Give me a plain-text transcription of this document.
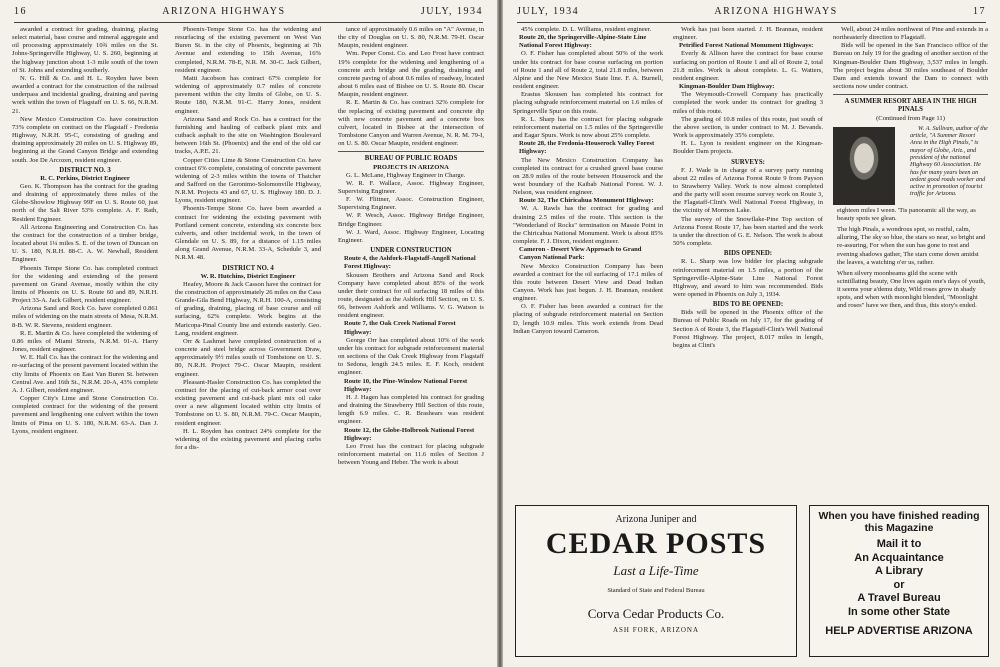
16	ARIZONA HIGHWAYS	JULY, 1934

awarded a contract for grading, draining, placing select material, base course and mineral aggregate and oil processing approximately 10¾ miles on the St. Johns-Springerville Highway, U. S. 260, beginning at the highway junction about 1-3 mile south of the town of St. Johns and extending southerly.

N. G. Hill & Co. and H. L. Royden have been awarded a contract for the construction of the railroad underpass and incidental grading, draining and paving work within the town of Flagstaff on U. S. 66, N.R.M. 21.

New Mexico Construction Co. have construction 73% complete on contract on the Flagstaff - Fredonia Highway, N.R.H. 95-C, consisting of grading and draining approximately 20 miles on U. S. Highway 89, beginning at the Grand Canyon Bridge and extending south. Joe De Arcozen, resident engineer.

DISTRICT NO. 3

R. C. Perkins, District Engineer

Geo. K. Thompson has the contract for the grading and draining of approximately three miles of the Globe-Showlow Highway 99F on U. S. Route 60, just north of the Salt River 53% complete. A. F. Rath, Resident Engineer.

All Arizona Engineering and Construction Co. has the contract for the construction of a timber bridge, located about 1¼ miles S. E. of the town of Duncan on U. S. 180, N.R.H. 88-C. A. W. Newhall, Resident Engineer.

Phoenix Tempe Stone Co. has completed contract for the widening and extending of the present pavement on Grand Avenue, mostly within the city limits of Phoenix on U. S. Route 60 and 89, N.R.H. Project 33-A. Jack Gilbert, resident engineer.

Arizona Sand and Rock Co. have completed 0.861 miles of widening on the main streets of Mesa, N.R.M. 8-B. W. R. Stevens, resident engineer.

R. E. Martin & Co. have completed the widening of 0.86 miles of Miami Streets, N.R.M. 91-A. Harry Jones, resident engineer.

W. E. Hall Co. has the contract for the widening and re-surfacing of the present pavement located within the city limits of Phoenix on East Van Buren St. between Central Ave. and 16th St., N.R.M. 20-A, 43% complete A. J. Gilbert, resident engineer.

Copper City's Lime and Stone Construction Co. completed contract for the widening of the present pavement and lengthening one culvert within the town limits of Pima on U. S. 180, N.R.M. 63-A. Dan J. Lyons, resident engineer.

Phoenix-Tempe Stone Co. has the widening and resurfacing of the existing pavement on West Van Buren St. in the city of Phoenix, beginning at 7th Avenue and extending to 15th Avenue, 16% completed, N.R.M. 78-E, N.R. M. 30-C. Jack Gilbert, resident engineer.

Matti Jacobson has contract 67% complete for widening of approximately 0.7 miles of concrete pavement within the city limits of Globe, on U. S. Route 180, N.R.M. 91-C. Harry Jones, resident engineer.

Arizona Sand and Rock Co. has a contract for the furnishing and hauling of cutback plant mix and cutback asphalt to the site on Washington Boulevard between 16th St. (Phoenix) and the end of the old car tracks, A.P.E. 21.

Copper Cities Lime & Stone Construction Co. have contract 6% complete, consisting of concrete pavement widening of 2-3 miles within the towns of Thatcher and Safford on the Geronimo-Solomonville Highway, N.R.M. Projects 43 and 67, U. S. Highway 180. D. J. Lyons, resident engineer.

Phoenix-Tempe Stone Co. have been awarded a contract for widening the existing pavement with Portland cement concrete, extending six concrete box culverts, and other incidental work, in the town of Glendale on U. S. 89, for a distance of 1.15 miles along Grand Avenue, N.R.M. 33-A, Schedule 3, and N.R.M. 48.

DISTRICT NO. 4

W. R. Hutchins, District Engineer

Heafey, Moore & Jack Casson have the contract for the construction of approximately 26 miles on the Casa Grande-Gila Bend Highway, N.R.H. 100-A, consisting of grading, draining, placing of base course and oil surfacing, 62% complete. Work begins at the Maricopa-Pinal County line and extends easterly. Geo. Lang, resident engineer.

Orr & Lashmet have completed construction of a concrete and steel bridge across Government Draw, approximately 9½ miles south of Tombstone on U. S. 80, N.R.H. Project 79-C. Oscar Maupin, resident engineer.

Pleasant-Hasler Construction Co. has completed the contract for the placing of cut-back armor coat over existing pavement and cut-back plant mix oil cake over a new alignment located within city limits of Tombstone on U. S. 80, N.R.M. 79-C. Oscar Maupin, resident engineer.

H. L. Royden has contract 24% complete for the widening of the existing pavement and placing curbs for a dis-

tance of approximately 0.6 miles on "A" Avenue, in the city of Douglas on U. S. 80, N.R.M. 79-H. Oscar Maupin, resident engineer.

Wm. Peper Const. Co. and Leo Frost have contract 19% complete for the widening and lengthening of a concrete arch bridge and the grading, draining and concrete paving of about 0.6 miles of roadway, located about 6 miles east of Bisbee on U. S. Route 80. Oscar Maupin, resident engineer.

R. E. Martin & Co. has contract 32% complete for the replacing of existing pavement and concrete dip with new concrete pavement and a concrete box culvert, located in Bisbee at the intersection of Tombstone Canyon and Warren Avenue, N. R. M. 79-I, on U. S. 80. Oscar Maupin, resident engineer.

BUREAU OF PUBLIC ROADS

PROJECTS IN ARIZONA

G. L. McLane, Highway Engineer in Charge.

W. R. F. Wallace, Assoc. Highway Engineer, Supervising Engineer.

F. W. Flittner, Assoc. Construction Engineer, Supervising Engineer.

W. P. Wesch, Assoc. Highway Bridge Engineer, Bridge Engineer.

W. J. Ward, Assoc. Highway Engineer, Locating Engineer.

UNDER CONSTRUCTION

Route 4, the Ashfork-Flagstaff-Angell National Forest Highway:

Skousen Brothers and Arizona Sand and Rock Company have completed about 85% of the work under their contract for oil surfacing 18 miles of this route, designated as the Ashfork Hill Section, on U. S. 66, between Ashfork and Williams. V. G. Watson is resident engineer.

Route 7, the Oak Creek National Forest Highway:

George Orr has completed about 10% of the work under his contract for subgrade reinforcement material on sections of the Oak Creek Highway from Flagstaff to Sedona, length 24.5 miles. E. F. Koch, resident engineer.

Route 10, the Pine-Winslow National Forest Highway:

H. J. Hagen has completed his contract for grading and draining the Strawberry Hill Section of this route, length 6.9 miles. C. R. Brashears was resident engineer.

Route 12, the Globe-Holbrook National Forest Highway:

Leo Frost has the contract for placing subgrade reinforcement material on 11.6 miles of Section J between Young and Heber. The work is about

JULY, 1934	ARIZONA HIGHWAYS	17

45% complete. D. L. Williams, resident engineer.

Route 20, the Springerville-Alpine-State Line National Forest Highway:

O. F. Fisher has completed about 50% of the work under his contract for base course surfacing on portion of Route 1 and all of Route 2, total 21.8 miles, between Alpine and the New Mexico State line. F. A. Burnell, resident engineer.

Erastus Skousen has completed his contract for placing subgrade reinforcement material on 1.6 miles of Springerville Spur on this route.

R. L. Sharp has the contract for placing subgrade reinforcement material on 1.5 miles of the Springerville and Eagar Spurs. Work is now about 25% complete.

Route 28, the Fredonia-Houserock Valley Forest Highway:

The New Mexico Construction Company has completed its contract for a crushed gravel base course on 28.9 miles of the route between Houserock and the west boundary of the Kaibab National Forest. W. J. Nelson, was resident engineer.

Route 32, The Chiricahua Monument Highway:

W. A. Rawls has the contract for grading and draining 2.5 miles of the route. This section is the "Wonderland of Rocks" termination on Massie Point in the Chiricahua National Monument. Work is about 85% complete. F. J. Dixon, resident engineer.

Cameron - Desert View Approach to Grand Canyon National Park:

New Mexico Construction Company has been awarded a contract for the oil surfacing of 17.1 miles of this route between Desert View and Dead Indian Canyon. Work has just begun. J. H. Brannan, resident engineer.

O. F. Fisher has been awarded a contract for the placing of subgrade reinforcement material on Section D, length 10.9 miles. This work extends from Dead Indian Canyon toward Cameron.

Work has just been started. J. H. Brannan, resident engineer.

Petrified Forest National Monument Highways:

Everly & Allison have the contract for base course surfacing on portion of Route 1 and all of Route 2, total 21.8 miles. Work is about complete. L. G. Watters, resident engineer.

Kingman-Boulder Dam Highway:

The Weymouth-Crowell Company has practically completed the work under its contract for grading 3 miles of this route.

The grading of 10.8 miles of this route, just south of the above section, is under contract to M. J. Bevands. Work is approximately 35% complete.

H. L. Lyon is resident engineer on the Kingman-Boulder Dam projects.

SURVEYS:

F. J. Wade is in charge of a survey party running about 22 miles of Arizona Forest Route 9 from Payson to Strawberry Valley. Work is now almost completed and the party will soon resume survey work on Route 3, the Flagstaff-Clint's Well National Forest Highway, in the vicinity of Mormon Lake.

The survey of the Snowflake-Pine Top section of Arizona Forest Route 17, has been started and the work is under the direction of G. E. Nelson. The work is about 50% complete.

BIDS OPENED:

R. L. Sharp was low bidder for placing subgrade reinforcement material on 1.5 miles, a portion of the Springerville-Alpine-State Line National Forest Highway, and award to him was recommended. Bids were opened in Phoenix on July 3, 1934.

BIDS TO BE OPENED:

Bids will be opened in the Phoenix office of the Bureau of Public Roads on July 17, for the grading of Section A of Route 3, the Flagstaff-Clint's Well National Forest Highway. The project, 8.017 miles in length, begins at Clint's

Well, about 24 miles northwest of Pine and extends in a northeasterly direction to Flagstaff.

Bids will be opened in the San Francisco office of the Bureau on July 19 for the grading of another section of the Kingman-Boulder Dam Highway, 3,537 miles in length. The project begins about 30 miles southeast of Boulder Dam and extends toward the Dam to connect with sections now under contract.

A SUMMER RESORT AREA IN THE HIGH PINALS

(Continued from Page 11)

W. A. Sullivan, author of the article, "A Summer Resort Area in the High Pinals," is mayor of Globe, Ariz., and president of the national Highway 60 Association. He has for many years been an ardent good roads worker and active in promotion of tourist traffic for Arizona.

eighteen miles I ween. 'Tis panoramic all the way, as beauty spots we glean.

The high Pinals, a wondrous spot, so restful, calm, alluring, The sky so blue, the stars so near, so bright and re-assuring, For when the sun has gone to rest and evening shadows gather, The stars come down amidst the leaves, a watching o'er us, rather.

When silvery moonbeams gild the scene with scintillating beauty, One lives again one's days of youth, it seems your a'demu duty, Wild roses grow in shady spots, and when with moonlight blended, "Moonlight and roses" have we then, and thus, this story's ended.

Arizona Juniper and
CEDAR POSTS
Last a Life-Time
Standard of State and Federal Bureau
Corva Cedar Products Co.
ASH FORK, ARIZONA
When you have finished reading this Magazine
Mail it to
An Acquaintance
A Library
or
A Travel Bureau
In some other State
HELP ADVERTISE ARIZONA
